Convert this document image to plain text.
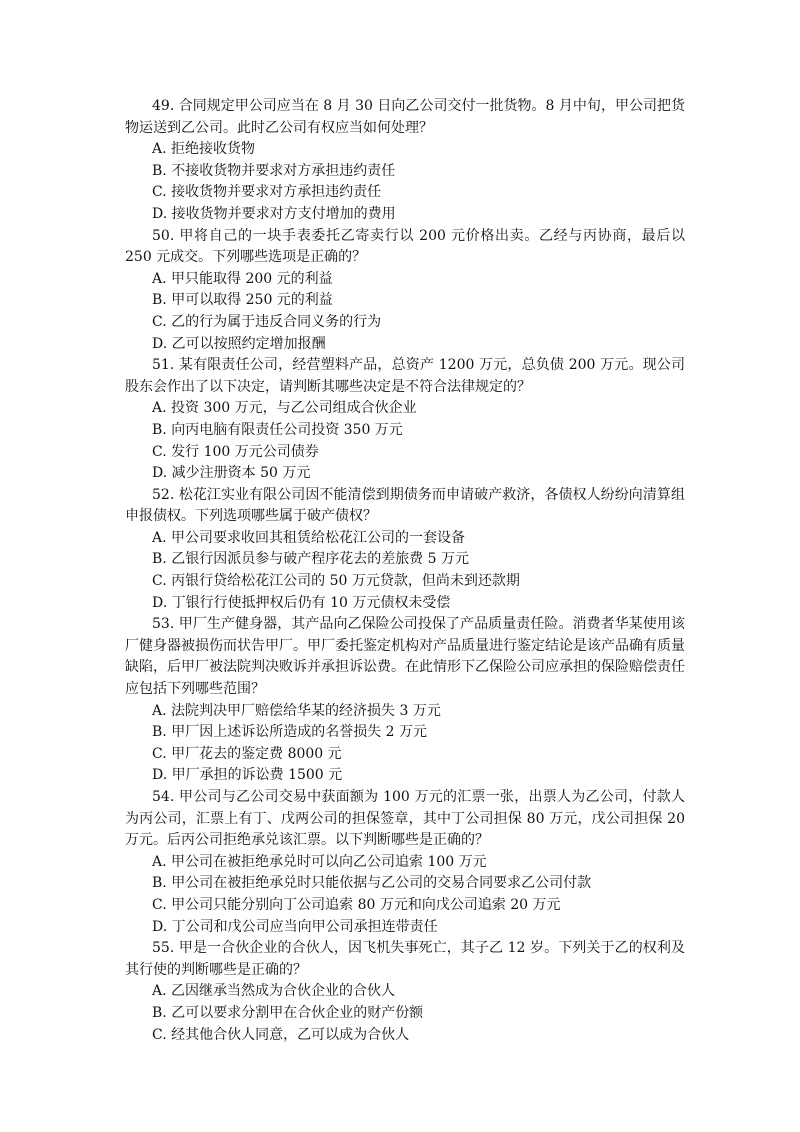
49. 合同规定甲公司应当在 8 月 30 日向乙公司交付一批货物。8 月中旬，甲公司把货物运送到乙公司。此时乙公司有权应当如何处理？
A. 拒绝接收货物
B. 不接收货物并要求对方承担违约责任
C. 接收货物并要求对方承担违约责任
D. 接收货物并要求对方支付增加的费用
50. 甲将自己的一块手表委托乙寄卖行以 200 元价格出卖。乙经与丙协商，最后以 250 元成交。下列哪些选项是正确的？
A. 甲只能取得 200 元的利益
B. 甲可以取得 250 元的利益
C. 乙的行为属于违反合同义务的行为
D. 乙可以按照约定增加报酬
51. 某有限责任公司，经营塑料产品，总资产 1200 万元，总负债 200 万元。现公司股东会作出了以下决定，请判断其哪些决定是不符合法律规定的？
A. 投资 300 万元，与乙公司组成合伙企业
B. 向丙电脑有限责任公司投资 350 万元
C. 发行 100 万元公司债券
D. 减少注册资本 50 万元
52. 松花江实业有限公司因不能清偿到期债务而申请破产救济，各债权人纷纷向清算组申报债权。下列选项哪些属于破产债权？
A. 甲公司要求收回其租赁给松花江公司的一套设备
B. 乙银行因派员参与破产程序花去的差旅费 5 万元
C. 丙银行贷给松花江公司的 50 万元贷款，但尚未到还款期
D. 丁银行行使抵押权后仍有 10 万元债权未受偿
53. 甲厂生产健身器，其产品向乙保险公司投保了产品质量责任险。消费者华某使用该厂健身器被损伤而状告甲厂。甲厂委托鉴定机构对产品质量进行鉴定结论是该产品确有质量缺陷，后甲厂被法院判决败诉并承担诉讼费。在此情形下乙保险公司应承担的保险赔偿责任应包括下列哪些范围？
A. 法院判决甲厂赔偿给华某的经济损失 3 万元
B. 甲厂因上述诉讼所造成的名誉损失 2 万元
C. 甲厂花去的鉴定费 8000 元
D. 甲厂承担的诉讼费 1500 元
54. 甲公司与乙公司交易中获面额为 100 万元的汇票一张，出票人为乙公司，付款人为丙公司，汇票上有丁、戊两公司的担保签章，其中丁公司担保 80 万元，戊公司担保 20 万元。后丙公司拒绝承兑该汇票。以下判断哪些是正确的？
A. 甲公司在被拒绝承兑时可以向乙公司追索 100 万元
B. 甲公司在被拒绝承兑时只能依据与乙公司的交易合同要求乙公司付款
C. 甲公司只能分别向丁公司追索 80 万元和向戊公司追索 20 万元
D. 丁公司和戊公司应当向甲公司承担连带责任
55. 甲是一合伙企业的合伙人，因飞机失事死亡，其子乙 12 岁。下列关于乙的权利及其行使的判断哪些是正确的？
A. 乙因继承当然成为合伙企业的合伙人
B. 乙可以要求分割甲在合伙企业的财产份额
C. 经其他合伙人同意，乙可以成为合伙人
